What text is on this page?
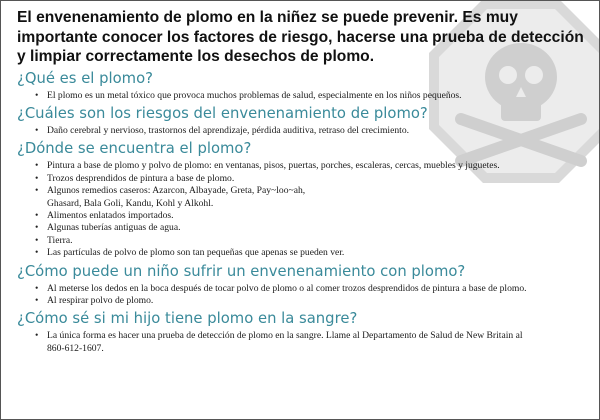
El envenenamiento de plomo en la niñez se puede prevenir. Es muy importante conocer los factores de riesgo, hacerse una prueba de detección y limpiar correctamente los desechos de plomo.

¿Qué es el plomo?
• El plomo es un metal tóxico que provoca muchos problemas de salud, especialmente en los niños pequeños.
¿Cuáles son los riesgos del envenenamiento de plomo?
• Daño cerebral y nervioso, trastornos del aprendizaje, pérdida auditiva, retraso del crecimiento.
¿Dónde se encuentra el plomo?
• Pintura a base de plomo y polvo de plomo: en ventanas, pisos, puertas, porches, escaleras, cercas, muebles y juguetes.
• Trozos desprendidos de pintura a base de plomo.
• Algunos remedios caseros: Azarcon, Albayade, Greta, Pay~loo~ah, Ghasard, Bala Goli, Kandu, Kohl y Alkohl.
• Alimentos enlatados importados.
• Algunas tuberías antiguas de agua.
• Tierra.
• Las partículas de polvo de plomo son tan pequeñas que apenas se pueden ver.
¿Cómo puede un niño sufrir un envenenamiento con plomo?
• Al meterse los dedos en la boca después de tocar polvo de plomo o al comer trozos desprendidos de pintura a base de plomo.
• Al respirar polvo de plomo.
¿Cómo sé si mi hijo tiene plomo en la sangre?
• La única forma es hacer una prueba de detección de plomo en la sangre. Llame al Departamento de Salud de New Britain al 860-612-1607.
